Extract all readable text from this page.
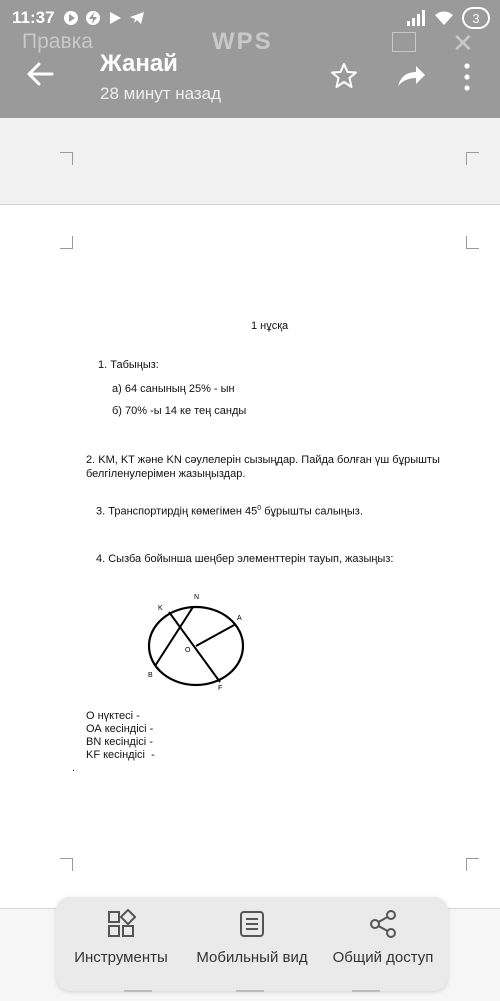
11:37	3
Правка	WPS	✕
Жанай
28 минут назад
1 нұсқа
1. Табыңыз:
а) 64 санының 25% - ын
б) 70% -ы 14 ке тең санды
2. KM, KT және KN сәулелерін сызыңдар. Пайда болған үш бұрышты белгіленулерімен жазыңыздар.
3. Транспортирдің көмегімен $45^0$ бұрышты салыңыз.
4. Сызба бойынша шеңбер элементтерін тауып, жазыңыз:
K
N
A
O
B
F
О нүктесі -
ОА кесіндісі -
BN кесіндісі -
KF кесіндісі  -
.
Инструменты	Мобильный вид	Общий доступ
